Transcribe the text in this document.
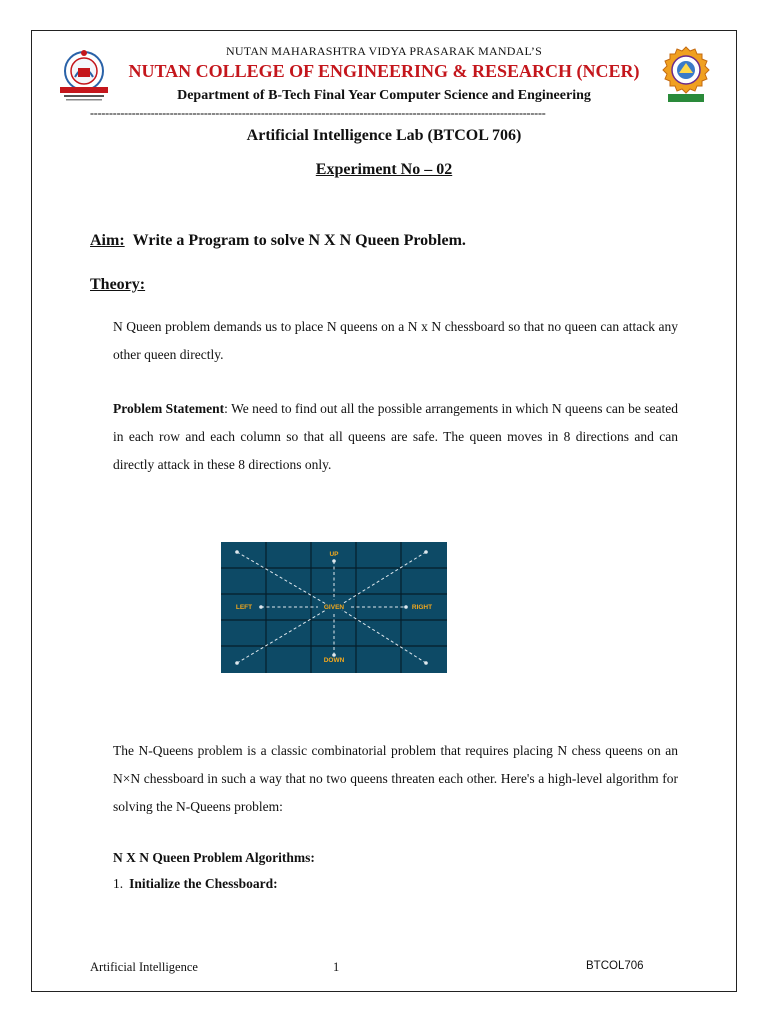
NUTAN MAHARASHTRA VIDYA PRASARAK MANDAL’S
NUTAN COLLEGE OF ENGINEERING & RESEARCH (NCER)
Department of B-Tech Final Year Computer Science and Engineering
------------------------------------------------------------------------------------------------------------------------
Artificial Intelligence Lab (BTCOL 706)
Experiment No – 02
Aim: Write a Program to solve N X N Queen Problem.
Theory:
N Queen problem demands us to place N queens on a N x N chessboard so that no queen can attack any other queen directly.
Problem Statement: We need to find out all the possible arrangements in which N queens can be seated in each row and each column so that all queens are safe. The queen moves in 8 directions and can directly attack in these 8 directions only.
UP
DOWN
LEFT	RIGHT
GIVEN
The N-Queens problem is a classic combinatorial problem that requires placing N chess queens on an N×N chessboard in such a way that no two queens threaten each other. Here's a high-level algorithm for solving the N-Queens problem:
N X N Queen Problem Algorithms:
1. Initialize the Chessboard:
Artificial Intelligence	1	BTCOL706
